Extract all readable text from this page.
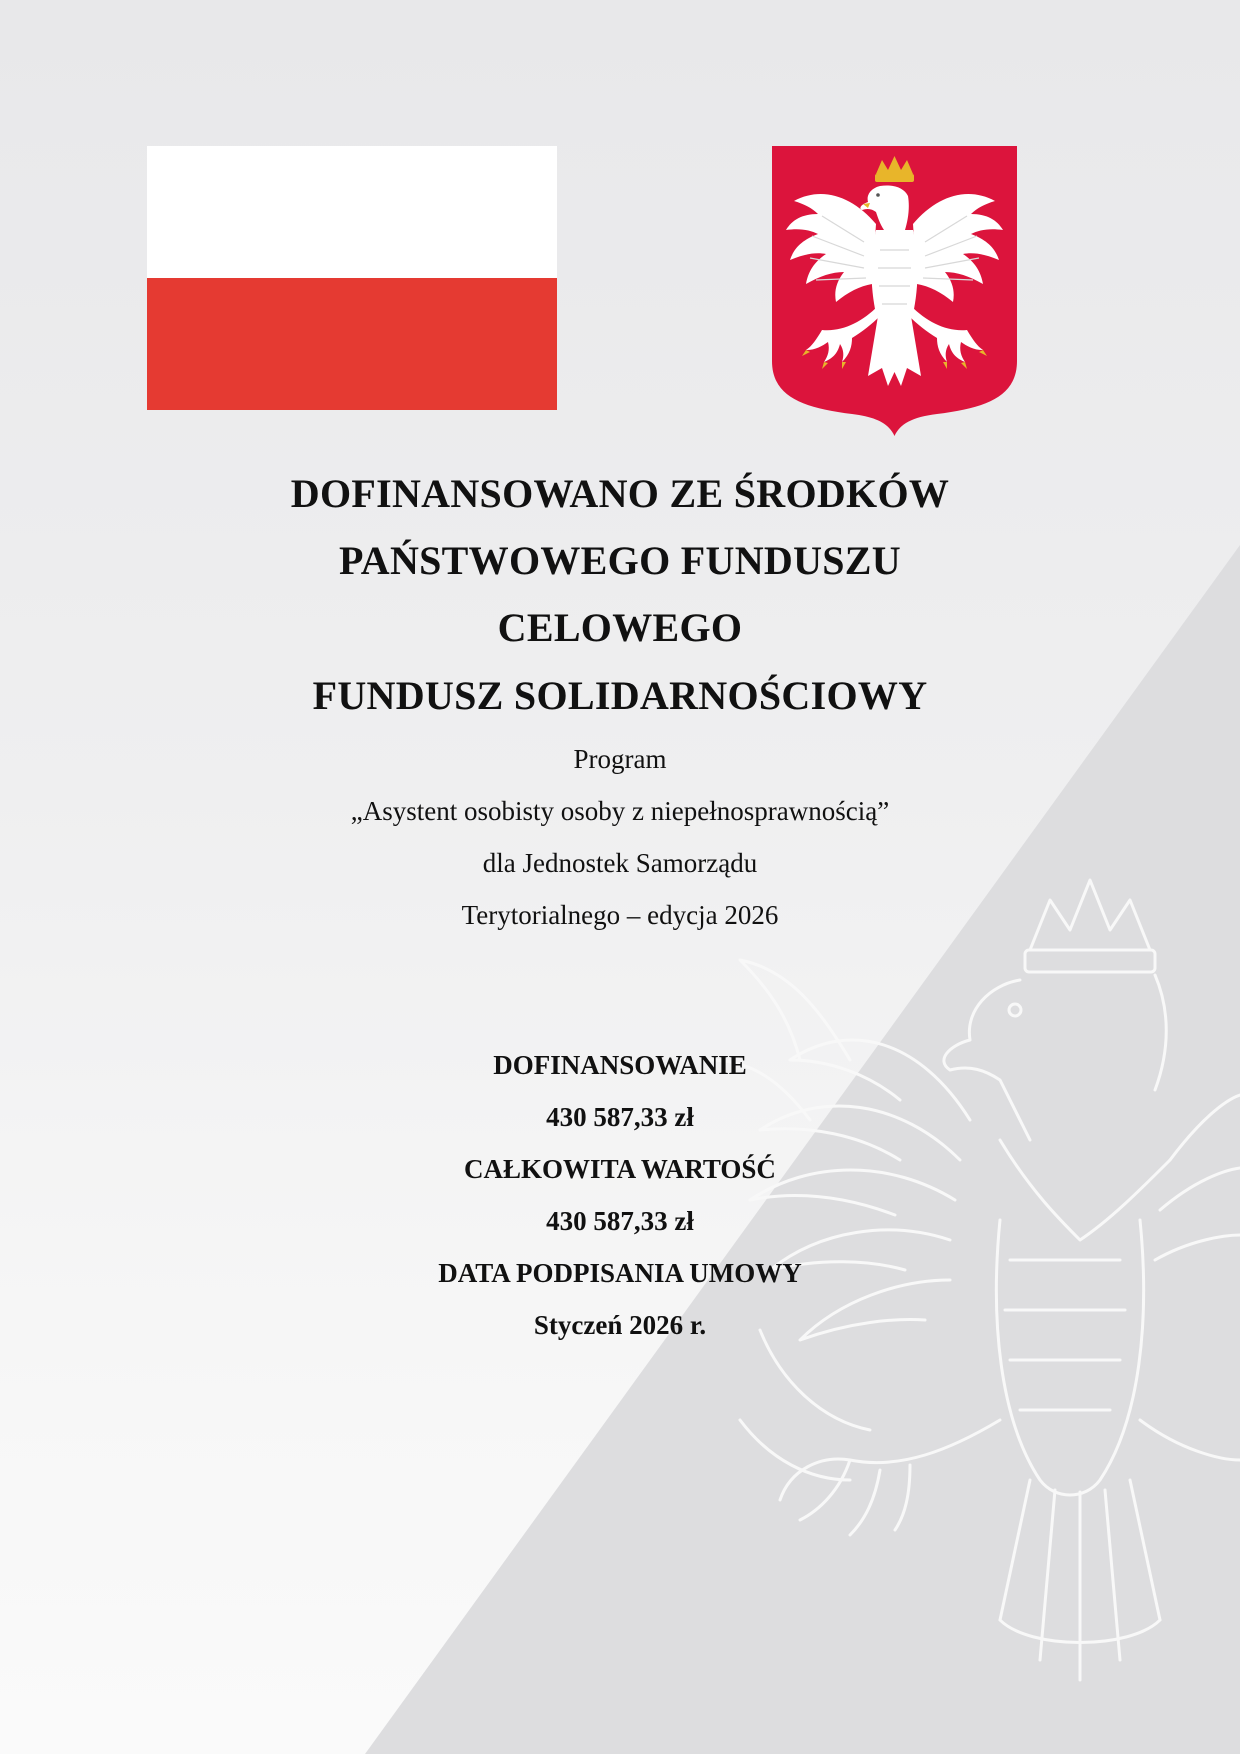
DOFINANSOWANO ZE ŚRODKÓW
PAŃSTWOWEGO FUNDUSZU
CELOWEGO
FUNDUSZ SOLIDARNOŚCIOWY
Program
„Asystent osobisty osoby z niepełnosprawnością”
dla Jednostek Samorządu
Terytorialnego – edycja 2026
DOFINANSOWANIE
430 587,33 zł
CAŁKOWITA WARTOŚĆ
430 587,33 zł
DATA PODPISANIA UMOWY
Styczeń 2026 r.
